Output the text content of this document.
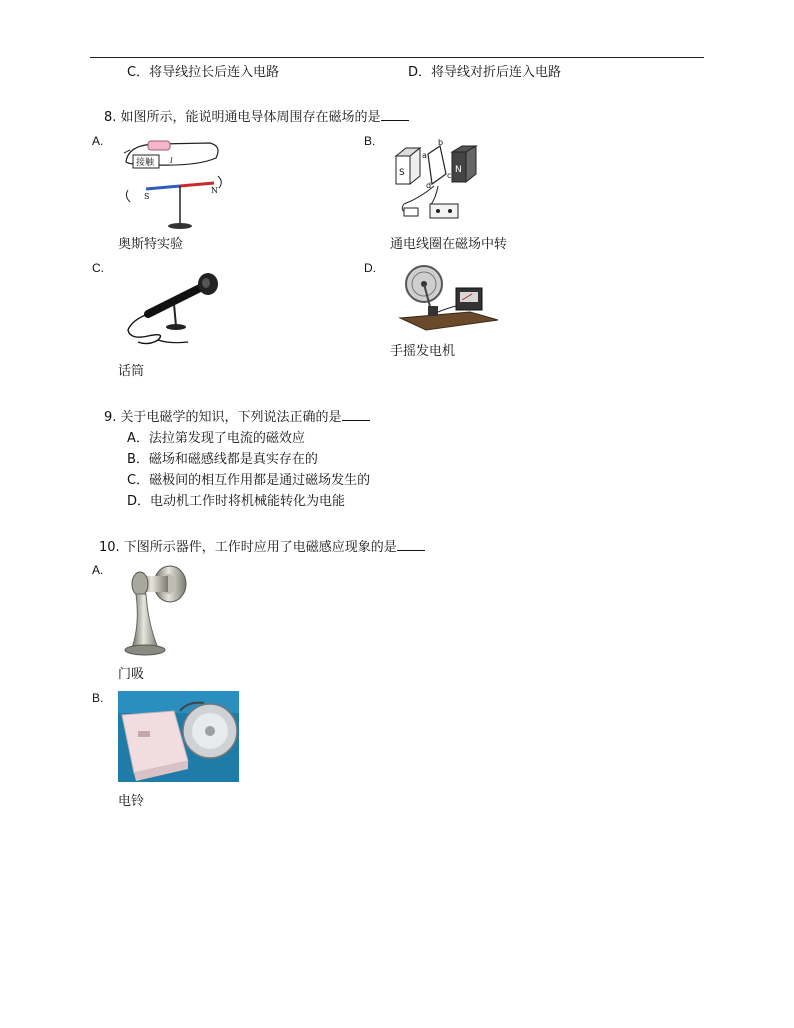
C．将导线拉长后连入电路	D．将导线对折后连入电路
8. 如图所示，能说明通电导体周围存在磁场的是
A.
接触 I
S
N
奥斯特实验
B.
S	N
a
b
c
d
通电线圈在磁场中转
C.
话筒
D.
手摇发电机
9. 关于电磁学的知识，下列说法正确的是
A．法拉第发现了电流的磁效应
B．磁场和磁感线都是真实存在的
C．磁极间的相互作用都是通过磁场发生的
D．电动机工作时将机械能转化为电能
10. 下图所示器件，工作时应用了电磁感应现象的是
A.
门吸
B.
电铃
